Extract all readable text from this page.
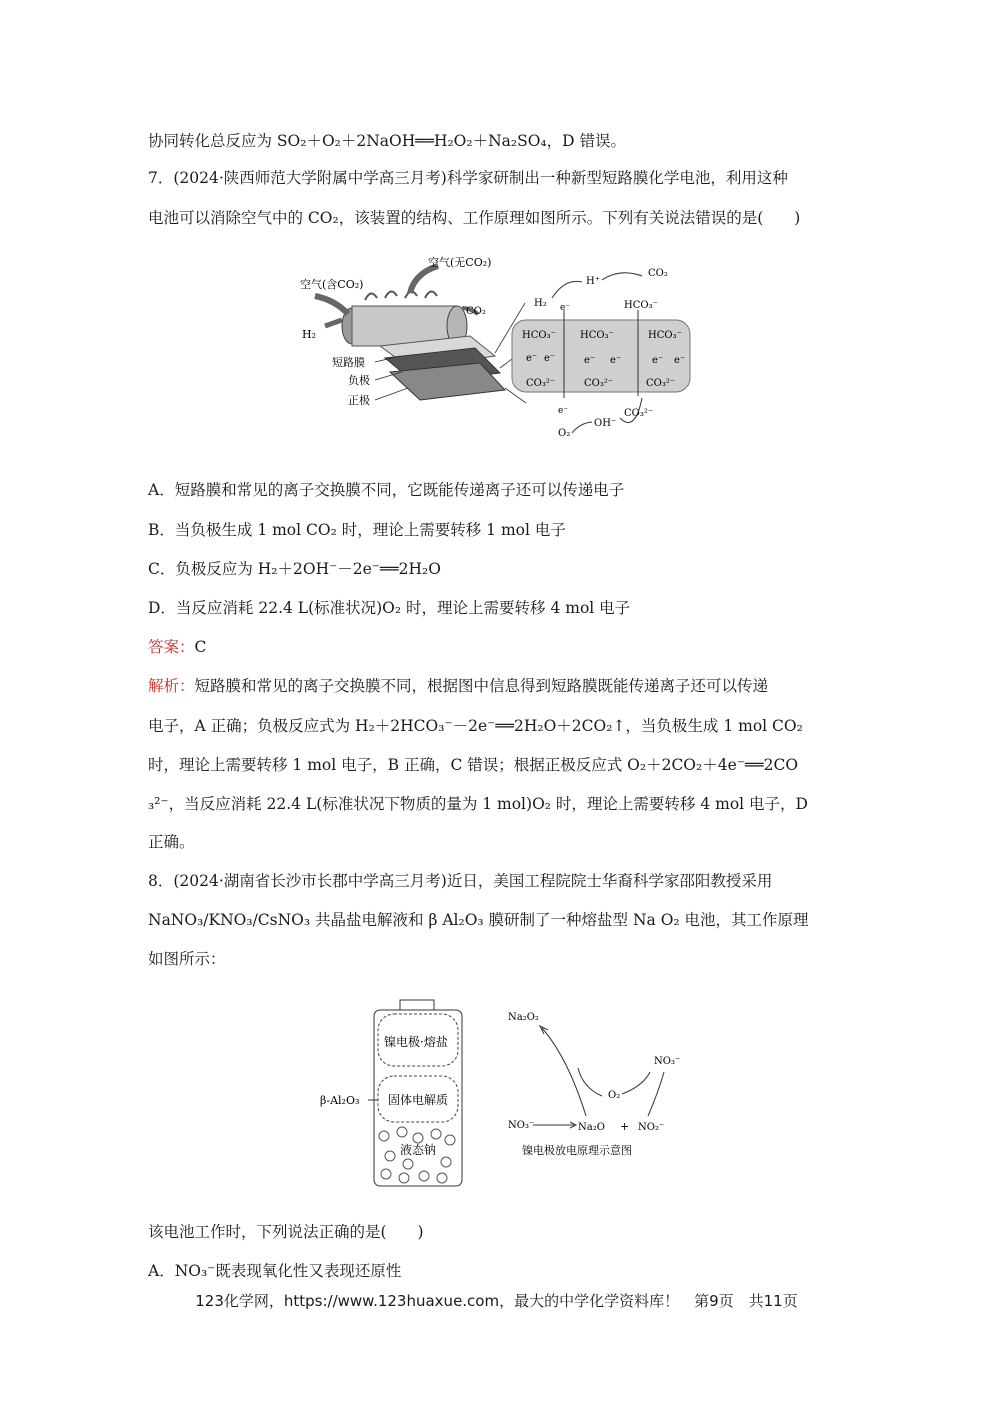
协同转化总反应为 SO₂＋O₂＋2NaOH══H₂O₂＋Na₂SO₄，D 错误。
7．(2024·陕西师范大学附属中学高三月考)科学家研制出一种新型短路膜化学电池，利用这种
电池可以消除空气中的 CO₂，该装置的结构、工作原理如图所示。下列有关说法错误的是(　　)
空气(含CO₂)
空气(无CO₂)
CO₂
H₂
短路膜
负极
正极
HCO₃⁻ HCO₃⁻	HCO₃⁻
e⁻ e⁻	e⁻ e⁻	e⁻ e⁻
CO₃²⁻	CO₃²⁻	CO₃²⁻
H₂ e⁻
H⁺
CO₂
HCO₃⁻
e⁻
O₂
OH⁻
CO₃²⁻
A．短路膜和常见的离子交换膜不同，它既能传递离子还可以传递电子
B．当负极生成 1 mol CO₂ 时，理论上需要转移 1 mol 电子
C．负极反应为 H₂＋2OH⁻－2e⁻══2H₂O
D．当反应消耗 22.4 L(标准状况)O₂ 时，理论上需要转移 4 mol 电子
答案：C
解析：短路膜和常见的离子交换膜不同，根据图中信息得到短路膜既能传递离子还可以传递
电子，A 正确；负极反应式为 H₂＋2HCO₃⁻－2e⁻══2H₂O＋2CO₂↑，当负极生成 1 mol CO₂
时，理论上需要转移 1 mol 电子，B 正确，C 错误；根据正极反应式 O₂＋2CO₂＋4e⁻══2CO
₃²⁻，当反应消耗 22.4 L(标准状况下物质的量为 1 mol)O₂ 时，理论上需要转移 4 mol 电子，D
正确。
8．(2024·湖南省长沙市长郡中学高三月考)近日，美国工程院院士华裔科学家邵阳教授采用
NaNO₃/KNO₃/CsNO₃ 共晶盐电解液和 β Al₂O₃ 膜研制了一种熔盐型 Na O₂ 电池，其工作原理
如图所示：
镍电极·熔盐
固体电解质
液态钠
β-Al₂O₃
Na₂O₂
NO₃⁻
O₂
NO₃⁻	Na₂O + NO₂⁻
镍电极放电原理示意图
该电池工作时，下列说法正确的是(　　)
A．NO₃⁻既表现氧化性又表现还原性
123化学网，https://www.123huaxue.com，最大的中学化学资料库！　第9页　共11页
